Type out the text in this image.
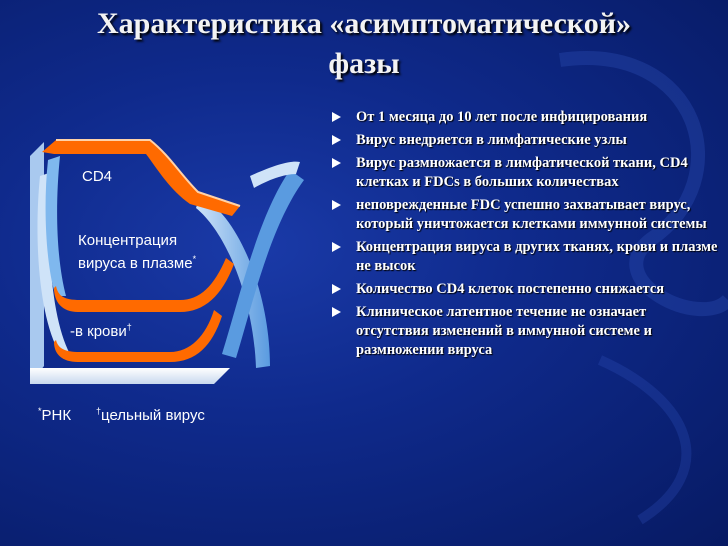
Характеристика «асимптоматической»
фазы
CD4
Концентрация
вируса в плазме*
-в крови†
*РНК	†цельный вирус
От 1 месяца до 10 лет после инфицирования
Вирус внедряется в лимфатические узлы
Вирус размножается в лимфатической ткани, CD4 клетках и FDCs в больших количествах
неповрежденные FDC успешно захватывает вирус, который уничтожается клетками иммунной системы
Концентрация вируса в других тканях, крови и плазме не высок
Количество CD4 клеток постепенно снижается
Клиническое латентное течение не означает отсутствия изменений в иммунной системе и размножении вируса
